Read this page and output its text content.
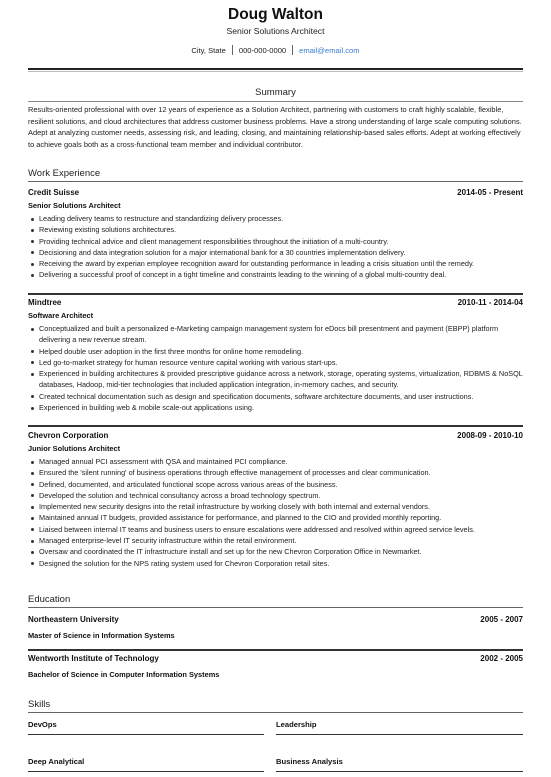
Doug Walton
Senior Solutions Architect
City, State 000-000-0000 email@email.com
Summary
Results-oriented professional with over 12 years of experience as a Solution Architect, partnering with customers to craft highly scalable, flexible, resilient solutions, and cloud architectures that address customer business problems. Have a strong understanding of large scale computing solutions. Adept at analyzing customer needs, assessing risk, and leading, closing, and maintaining relationship-based sales efforts. Adept at working effectively to achieve goals both as a cross-functional team member and individual contributor.
Work Experience
Credit Suisse	2014-05 - Present
Senior Solutions Architect
Leading delivery teams to restructure and standardizing delivery processes.
Reviewing existing solutions architectures.
Providing technical advice and client management responsibilities throughout the initiation of a multi-country.
Decisioning and data integration solution for a major international bank for a 30 countries implementation delivery.
Receiving the award by experian employee recognition award for outstanding performance in leading a crisis situation until the remedy.
Delivering a successful proof of concept in a tight timeline and constraints leading to the winning of a global multi-country deal.
Mindtree	2010-11 - 2014-04
Software Architect
Conceptualized and built a personalized e-Marketing campaign management system for eDocs bill presentment and payment (EBPP) platform delivering a new revenue stream.
Helped double user adoption in the first three months for online home remodeling.
Led go-to-market strategy for human resource venture capital working with various start-ups.
Experienced in building architectures & provided prescriptive guidance across a network, storage, operating systems, virtualization, RDBMS & NoSQL databases, Hadoop, mid-tier technologies that included application integration, in-memory caches, and security.
Created technical documentation such as design and specification documents, software architecture documents, and user instructions.
Experienced in building web & mobile scale-out applications using.
Chevron Corporation	2008-09 - 2010-10
Junior Solutions Architect
Managed annual PCI assessment with QSA and maintained PCI compliance.
Ensured the 'silent running' of business operations through effective management of processes and clear communication.
Defined, documented, and articulated functional scope across various areas of the business.
Developed the solution and technical consultancy across a broad technology spectrum.
Implemented new security designs into the retail infrastructure by working closely with both internal and external vendors.
Maintained annual IT budgets, provided assistance for performance, and planned to the CIO and provided monthly reporting.
Liaised between internal IT teams and business users to ensure escalations were addressed and resolved within agreed service levels.
Managed enterprise-level IT security infrastructure within the retail environment.
Oversaw and coordinated the IT infrastructure install and set up for the new Chevron Corporation Office in Newmarket.
Designed the solution for the NPS rating system used for Chevron Corporation retail sites.
Education
Northeastern University	2005 - 2007
Master of Science in Information Systems
Wentworth Institute of Technology	2002 - 2005
Bachelor of Science in Computer Information Systems
Skills
DevOps	Leadership
Deep Analytical	Business Analysis
